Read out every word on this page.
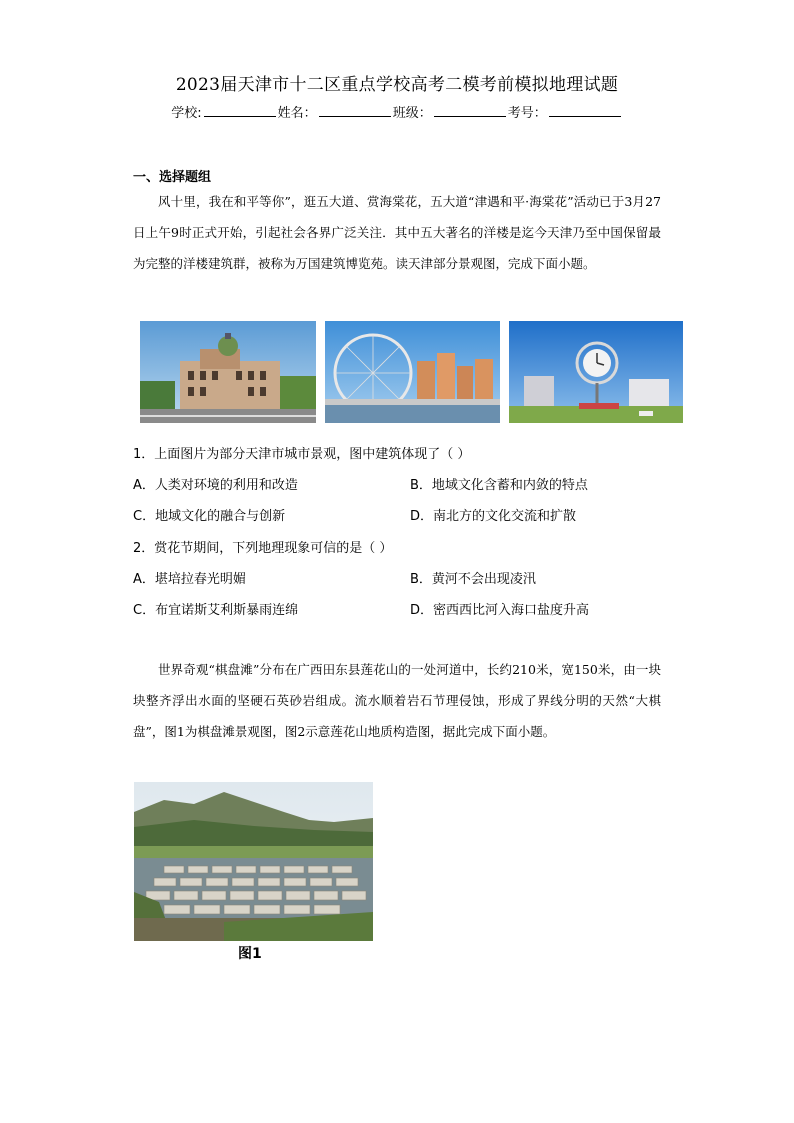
2023届天津市十二区重点学校高考二模考前模拟地理试题
学校:	姓名：	班级：	考号：
一、选择题组
风十里，我在和平等你”，逛五大道、赏海棠花，五大道“津遇和平·海棠花”活动已于3月27日上午9时正式开始，引起社会各界广泛关注．其中五大著名的洋楼是迄今天津乃至中国保留最为完整的洋楼建筑群，被称为万国建筑博览苑。读天津部分景观图，完成下面小题。
1．上面图片为部分天津市城市景观，图中建筑体现了（ ）
A．人类对环境的利用和改造	B．地域文化含蓄和内敛的特点
C．地域文化的融合与创新	D．南北方的文化交流和扩散
2．赏花节期间，下列地理现象可信的是（ ）
A．堪培拉春光明媚	B．黄河不会出现凌汛
C．布宜诺斯艾利斯暴雨连绵	D．密西西比河入海口盐度升高
世界奇观“棋盘滩”分布在广西田东县莲花山的一处河道中，长约210米，宽150米，由一块块整齐浮出水面的坚硬石英砂岩组成。流水顺着岩石节理侵蚀，形成了界线分明的天然“大棋盘”，图1为棋盘滩景观图，图2示意莲花山地质构造图，据此完成下面小题。
图1
